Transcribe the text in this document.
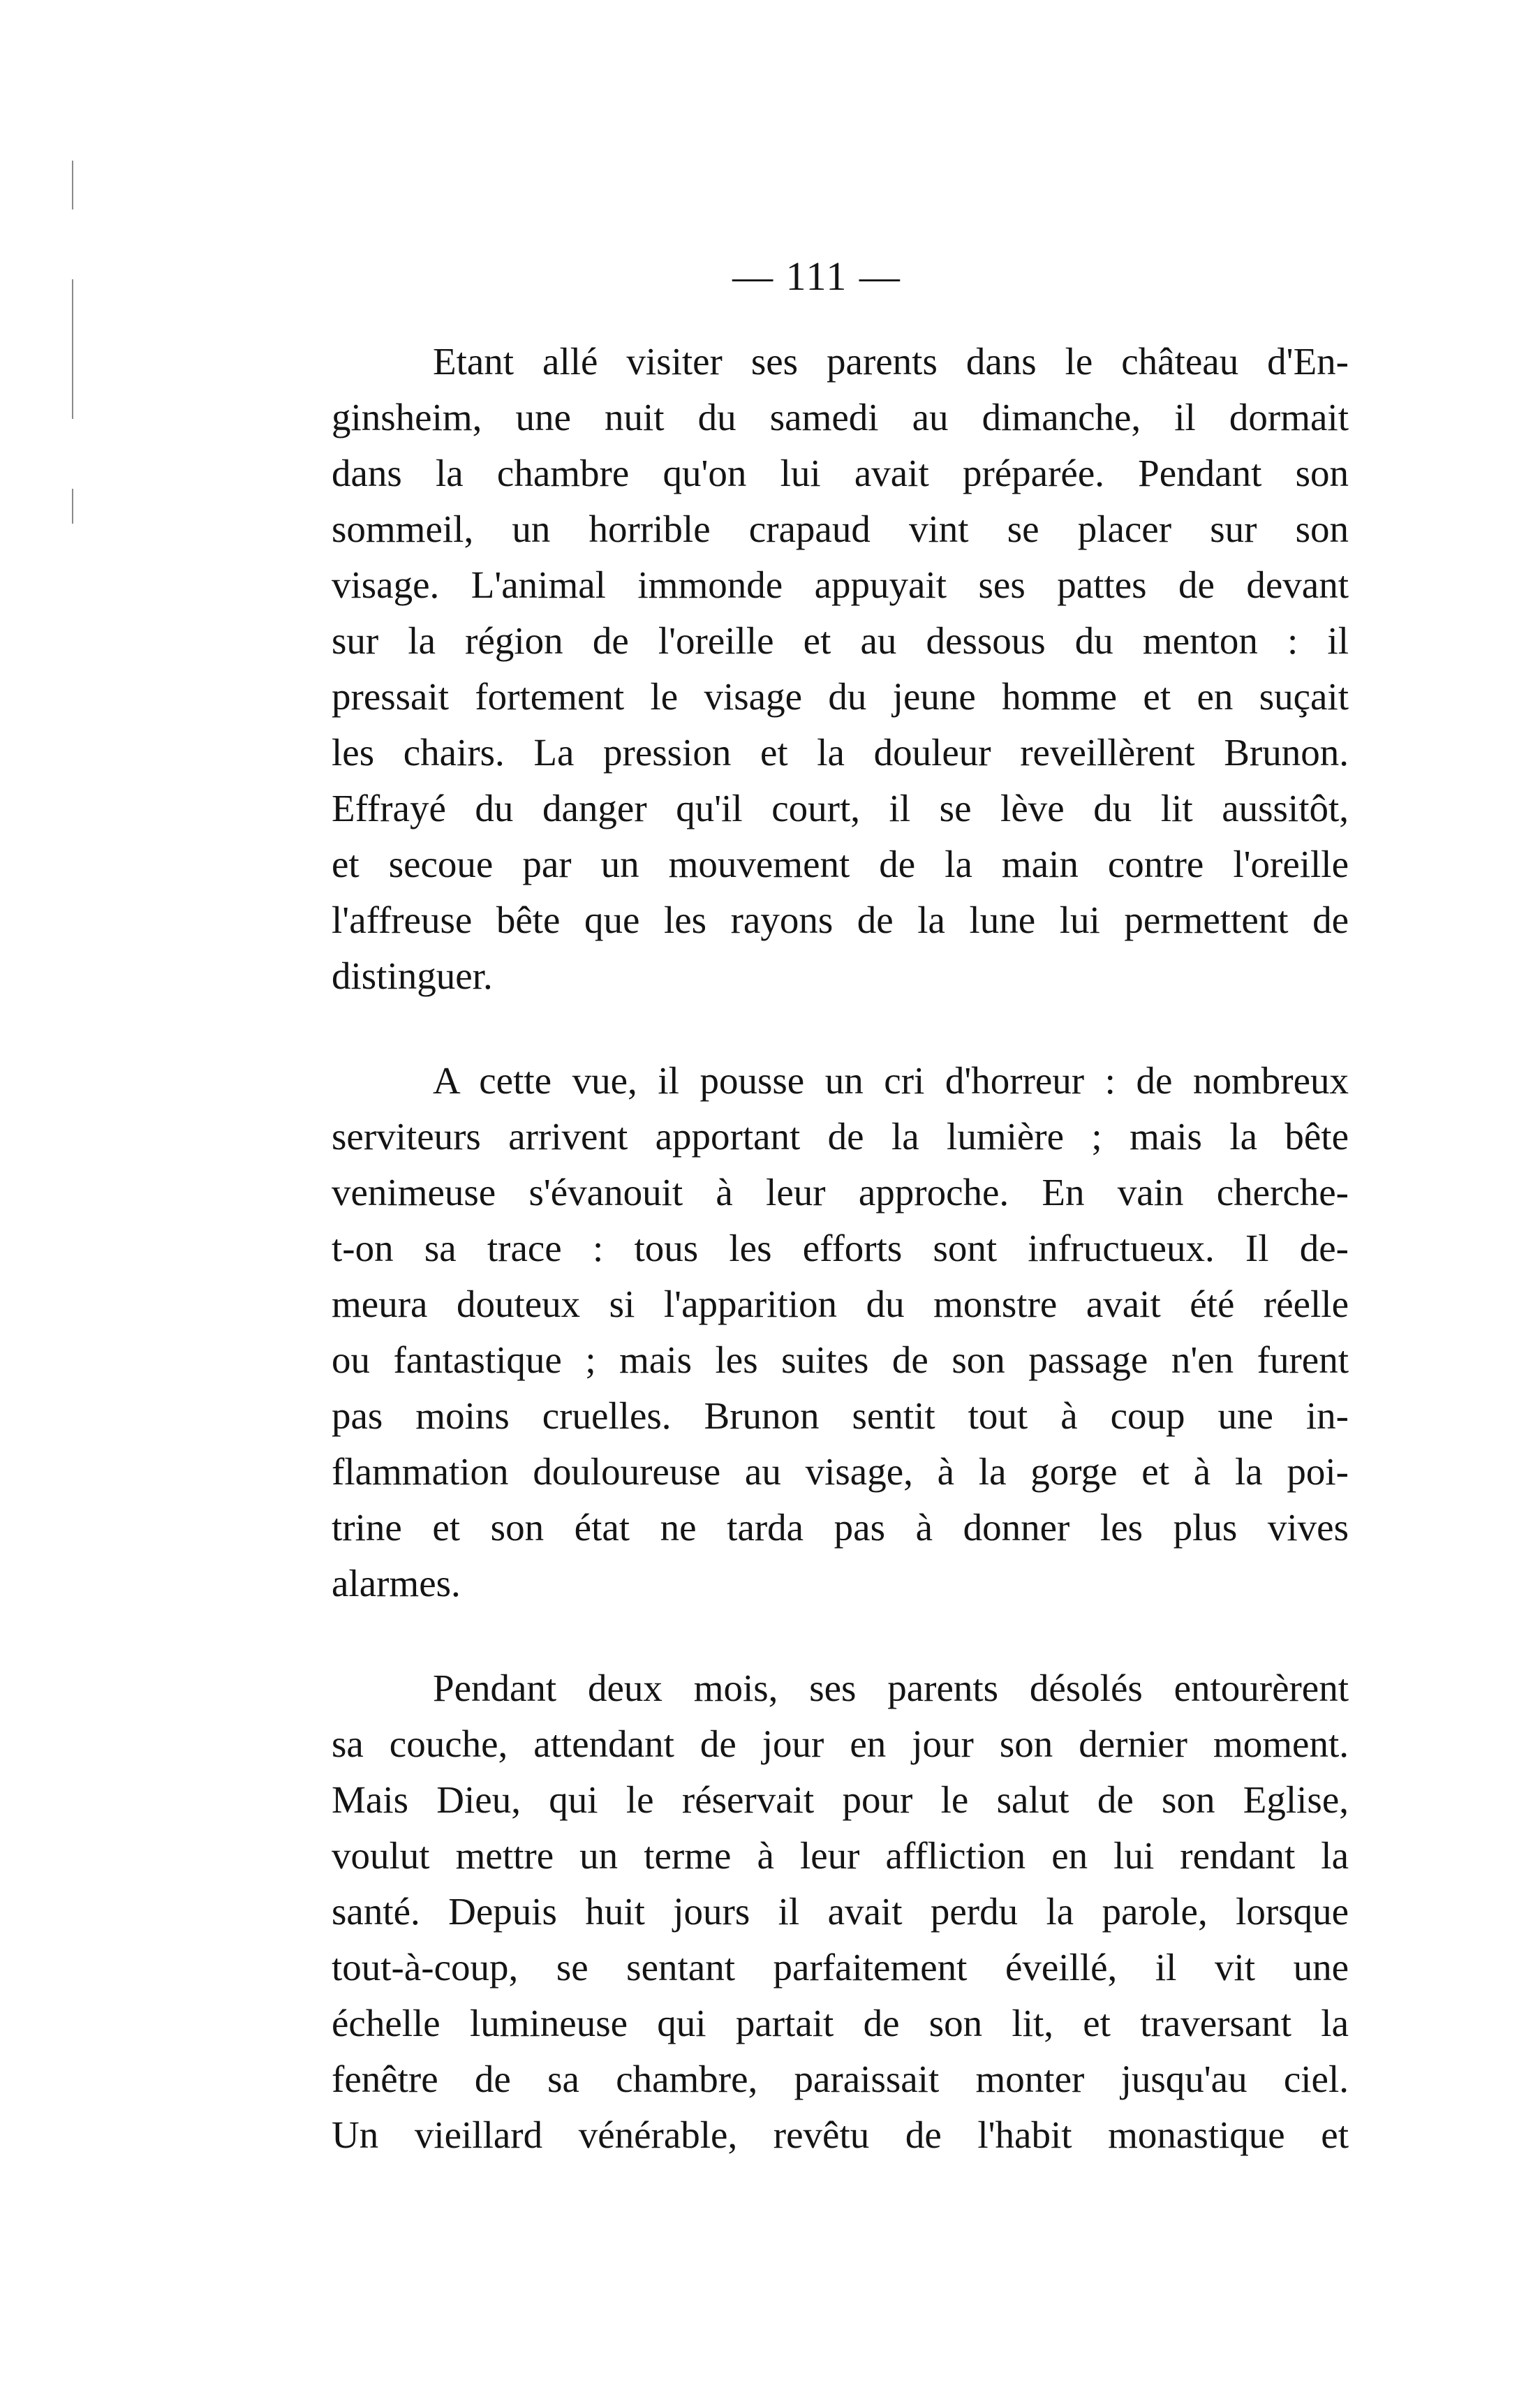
— 111 —
Etant allé visiter ses parents dans le château d'En-
ginsheim, une nuit du samedi au dimanche, il dormait
dans la chambre qu'on lui avait préparée. Pendant son
sommeil, un horrible crapaud vint se placer sur son
visage. L'animal immonde appuyait ses pattes de devant
sur la région de l'oreille et au dessous du menton : il
pressait fortement le visage du jeune homme et en suçait
les chairs. La pression et la douleur reveillèrent Brunon.
Effrayé du danger qu'il court, il se lève du lit aussitôt,
et secoue par un mouvement de la main contre l'oreille
l'affreuse bête que les rayons de la lune lui permettent de
distinguer.
A cette vue, il pousse un cri d'horreur : de nombreux
serviteurs arrivent apportant de la lumière ; mais la bête
venimeuse s'évanouit à leur approche. En vain cherche-
t-on sa trace : tous les efforts sont infructueux. Il de-
meura douteux si l'apparition du monstre avait été réelle
ou fantastique ; mais les suites de son passage n'en furent
pas moins cruelles. Brunon sentit tout à coup une in-
flammation douloureuse au visage, à la gorge et à la poi-
trine et son état ne tarda pas à donner les plus vives
alarmes.
Pendant deux mois, ses parents désolés entourèrent
sa couche, attendant de jour en jour son dernier moment.
Mais Dieu, qui le réservait pour le salut de son Eglise,
voulut mettre un terme à leur affliction en lui rendant la
santé. Depuis huit jours il avait perdu la parole, lorsque
tout-à-coup, se sentant parfaitement éveillé, il vit une
échelle lumineuse qui partait de son lit, et traversant la
fenêtre de sa chambre, paraissait monter jusqu'au ciel.
Un vieillard vénérable, revêtu de l'habit monastique et
